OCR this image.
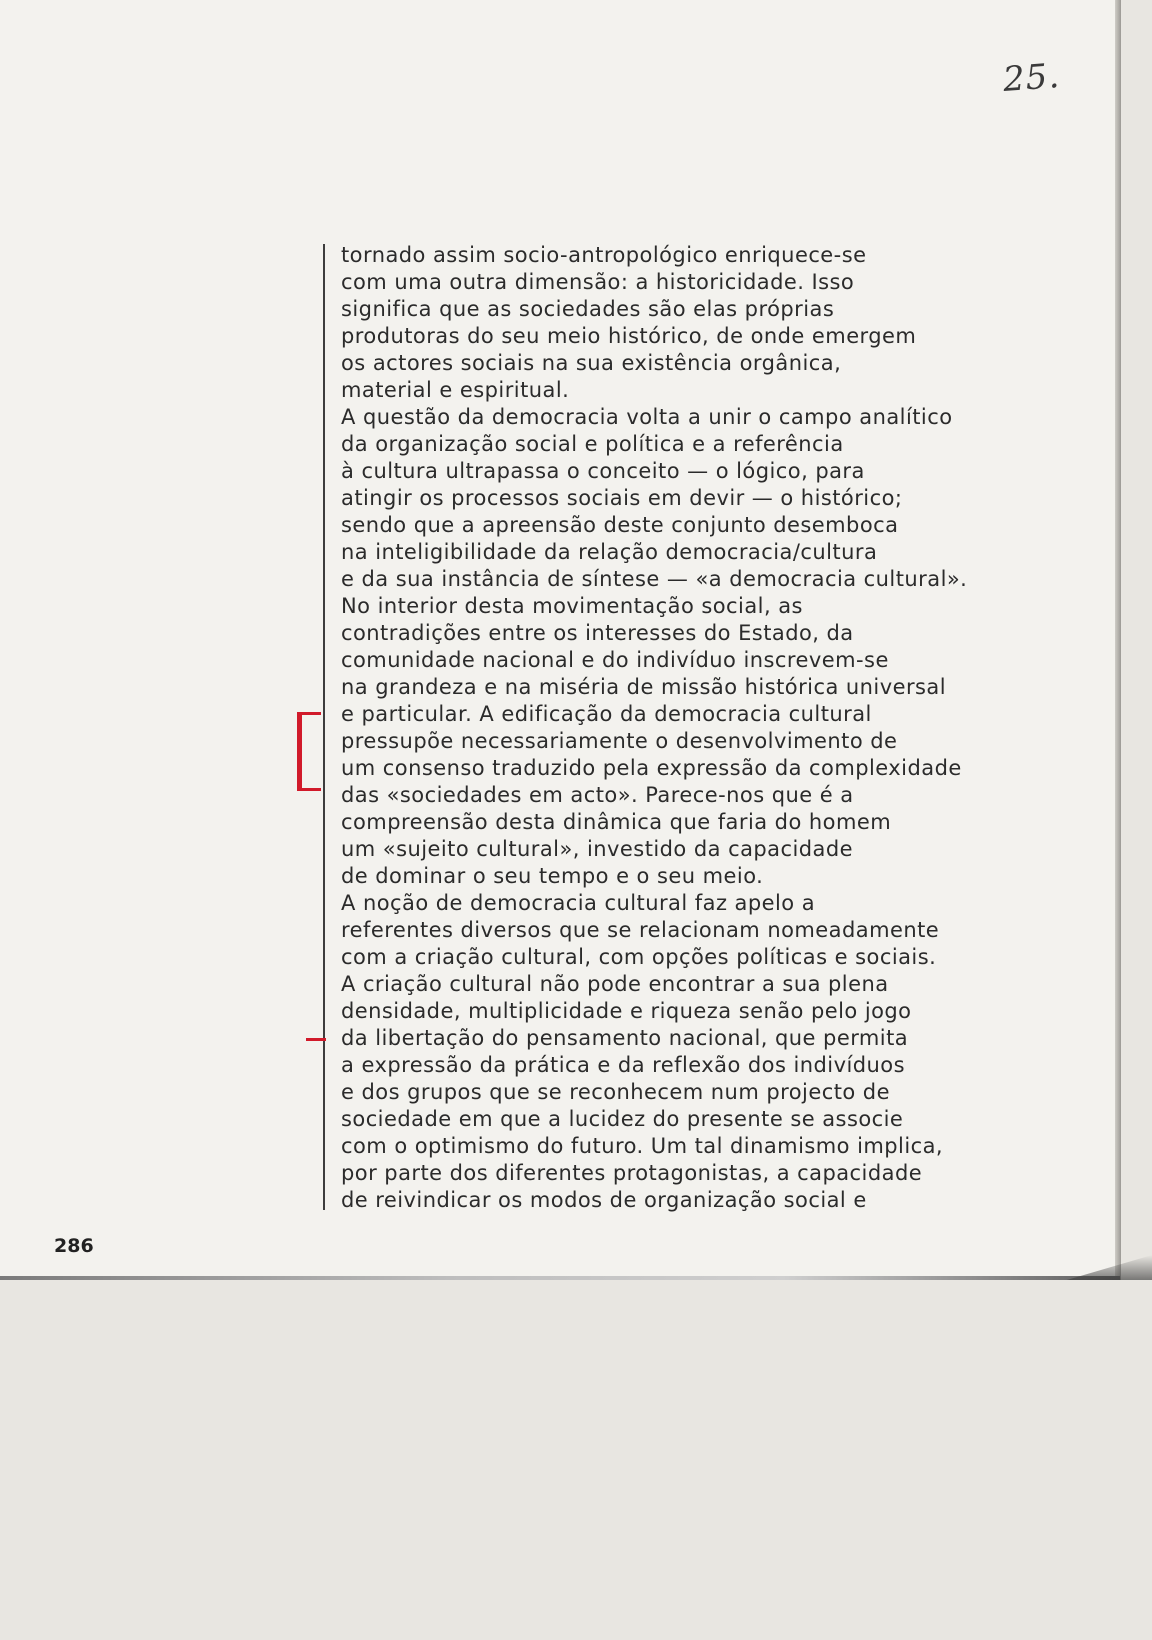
25.
tornado assim socio-antropológico enriquece-se
com uma outra dimensão: a historicidade. Isso
significa que as sociedades são elas próprias
produtoras do seu meio histórico, de onde emergem
os actores sociais na sua existência orgânica,
material e espiritual.
A questão da democracia volta a unir o campo analítico
da organização social e política e a referência
à cultura ultrapassa o conceito — o lógico, para
atingir os processos sociais em devir — o histórico;
sendo que a apreensão deste conjunto desemboca
na inteligibilidade da relação democracia/cultura
e da sua instância de síntese — «a democracia cultural».
No interior desta movimentação social, as
contradições entre os interesses do Estado, da
comunidade nacional e do indivíduo inscrevem-se
na grandeza e na miséria de missão histórica universal
e particular. A edificação da democracia cultural
pressupõe necessariamente o desenvolvimento de
um consenso traduzido pela expressão da complexidade
das «sociedades em acto». Parece-nos que é a
compreensão desta dinâmica que faria do homem
um «sujeito cultural», investido da capacidade
de dominar o seu tempo e o seu meio.
A noção de democracia cultural faz apelo a
referentes diversos que se relacionam nomeadamente
com a criação cultural, com opções políticas e sociais.
A criação cultural não pode encontrar a sua plena
densidade, multiplicidade e riqueza senão pelo jogo
da libertação do pensamento nacional, que permita
a expressão da prática e da reflexão dos indivíduos
e dos grupos que se reconhecem num projecto de
sociedade em que a lucidez do presente se associe
com o optimismo do futuro. Um tal dinamismo implica,
por parte dos diferentes protagonistas, a capacidade
de reivindicar os modos de organização social e
286
